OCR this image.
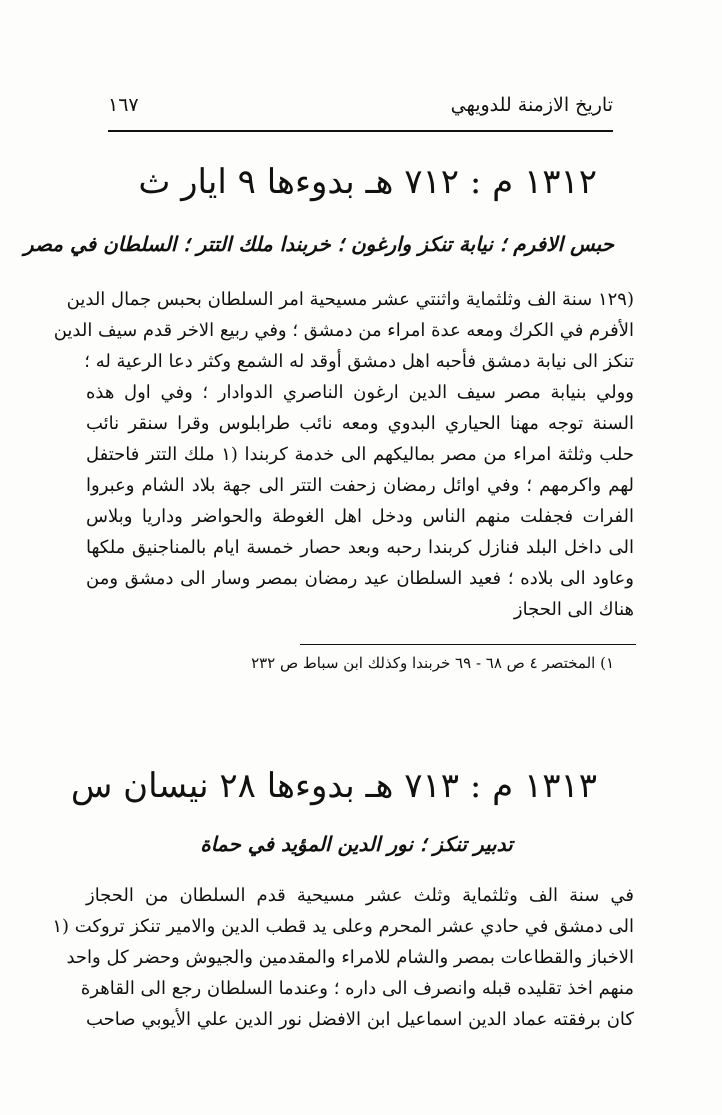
تاريخ الازمنة للدويهي
١٦٧
١٣١٢ م : ٧١٢ هـ بدوءها ٩ ايار ث
حبس الافرم ؛ نيابة تنكز وارغون ؛ خربندا ملك التتر ؛ السلطان في مصر
(١٢٩ سنة الف وثلثماية واثنتي عشر مسيحية امر السلطان بحبس جمال الدين
الأفرم في الكرك ومعه عدة امراء من دمشق ؛ وفي ربيع الاخر قدم سيف الدين
تنكز الى نيابة دمشق فأحبه اهل دمشق أوقد له الشمع وكثر دعا الرعية له ؛
وولي بنيابة مصر سيف الدين ارغون الناصري الدوادار ؛ وفي اول هذه
السنة توجه مهنا الحياري البدوي ومعه نائب طرابلوس وقرا سنقر نائب
حلب وثلثة امراء من مصر بماليكهم الى خدمة كربندا (١ ملك التتر فاحتفل
لهم واكرمهم ؛ وفي اوائل رمضان زحفت التتر الى جهة بلاد الشام وعبروا
الفرات فجفلت منهم الناس ودخل اهل الغوطة والحواضر وداريا وبلاس
الى داخل البلد فنازل كربندا رحبه وبعد حصار خمسة ايام بالمناجنيق ملكها
وعاود الى بلاده ؛ فعيد السلطان عيد رمضان بمصر وسار الى دمشق ومن
هناك الى الحجاز
١) المختصر ٤ ص ٦٨ - ٦٩ خربندا وكذلك ابن سباط ص ٢٣٢
١٣١٣ م : ٧١٣ هـ بدوءها ٢٨ نيسان س
تدبير تنكز ؛ نور الدين المؤيد في حماة
في سنة الف وثلثماية وثلث عشر مسيحية قدم السلطان من الحجاز
الى دمشق في حادي عشر المحرم وعلى يد قطب الدين والامير تنكز تروكت (١
الاخباز والقطاعات بمصر والشام للامراء والمقدمين والجيوش وحضر كل واحد
منهم اخذ تقليده قبله وانصرف الى داره ؛ وعندما السلطان رجع الى القاهرة
كان برفقته عماد الدين اسماعيل ابن الافضل نور الدين علي الأيوبي صاحب
